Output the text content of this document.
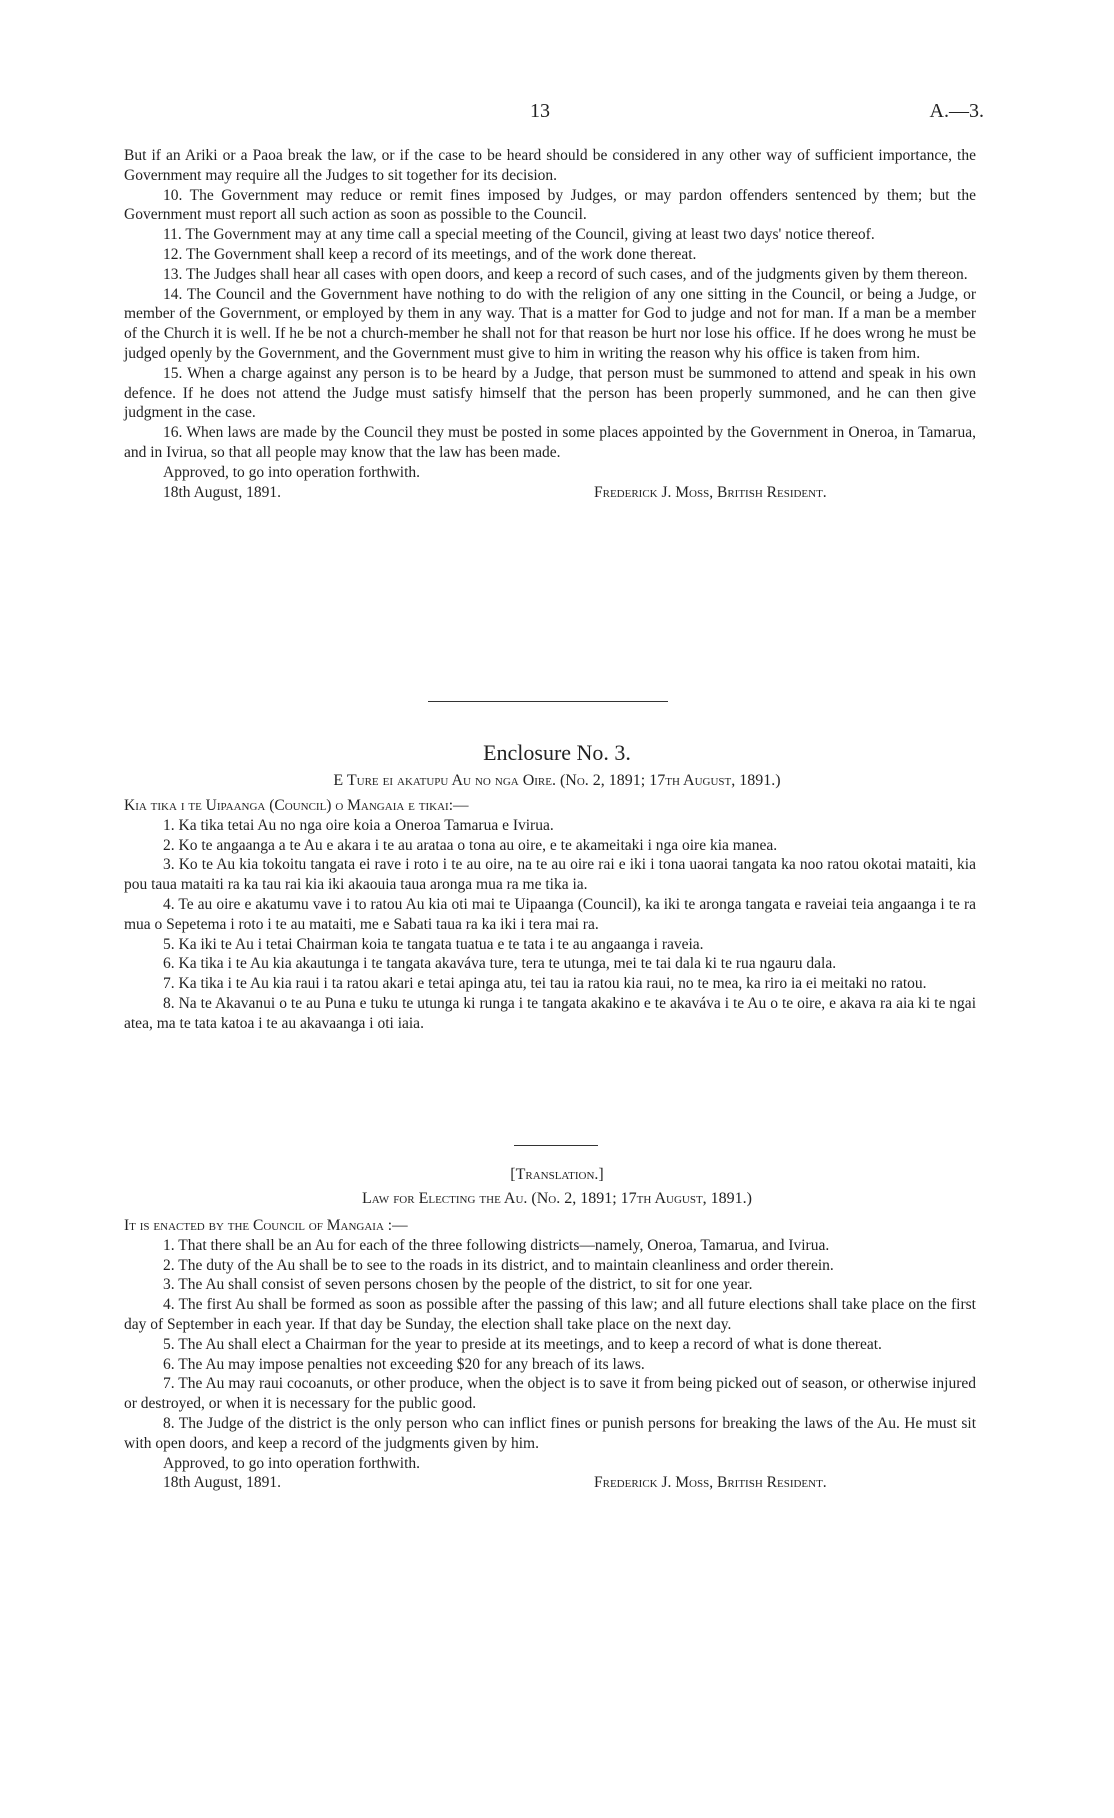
13	A.—3.

But if an Ariki or a Paoa break the law, or if the case to be heard should be considered in any other way of sufficient importance, the Government may require all the Judges to sit together for its decision.

10. The Government may reduce or remit fines imposed by Judges, or may pardon offenders sentenced by them; but the Government must report all such action as soon as possible to the Council.

11. The Government may at any time call a special meeting of the Council, giving at least two days' notice thereof.

12. The Government shall keep a record of its meetings, and of the work done thereat.

13. The Judges shall hear all cases with open doors, and keep a record of such cases, and of the judgments given by them thereon.

14. The Council and the Government have nothing to do with the religion of any one sitting in the Council, or being a Judge, or member of the Government, or employed by them in any way. That is a matter for God to judge and not for man. If a man be a member of the Church it is well. If he be not a church-member he shall not for that reason be hurt nor lose his office. If he does wrong he must be judged openly by the Government, and the Government must give to him in writing the reason why his office is taken from him.

15. When a charge against any person is to be heard by a Judge, that person must be summoned to attend and speak in his own defence. If he does not attend the Judge must satisfy himself that the person has been properly summoned, and he can then give judgment in the case.

16. When laws are made by the Council they must be posted in some places appointed by the Government in Oneroa, in Tamarua, and in Ivirua, so that all people may know that the law has been made.

Approved, to go into operation forthwith.

18th August, 1891.	Frederick J. Moss, British Resident.
Enclosure No. 3.
E Ture ei akatupu Au no nga Oire. (No. 2, 1891; 17th August, 1891.)

Kia tika i te Uipaanga (Council) o Mangaia e tikai:—

1. Ka tika tetai Au no nga oire koia a Oneroa Tamarua e Ivirua.

2. Ko te angaanga a te Au e akara i te au arataa o tona au oire, e te akameitaki i nga oire kia manea.

3. Ko te Au kia tokoitu tangata ei rave i roto i te au oire, na te au oire rai e iki i tona uaorai tangata ka noo ratou okotai mataiti, kia pou taua mataiti ra ka tau rai kia iki akaouia taua aronga mua ra me tika ia.

4. Te au oire e akatumu vave i to ratou Au kia oti mai te Uipaanga (Council), ka iki te aronga tangata e raveiai teia angaanga i te ra mua o Sepetema i roto i te au mataiti, me e Sabati taua ra ka iki i tera mai ra.

5. Ka iki te Au i tetai Chairman koia te tangata tuatua e te tata i te au angaanga i raveia.

6. Ka tika i te Au kia akautunga i te tangata akaváva ture, tera te utunga, mei te tai dala ki te rua ngauru dala.

7. Ka tika i te Au kia raui i ta ratou akari e tetai apinga atu, tei tau ia ratou kia raui, no te mea, ka riro ia ei meitaki no ratou.

8. Na te Akavanui o te au Puna e tuku te utunga ki runga i te tangata akakino e te akaváva i te Au o te oire, e akava ra aia ki te ngai atea, ma te tata katoa i te au akavaanga i oti iaia.

[Translation.]
Law for Electing the Au. (No. 2, 1891; 17th August, 1891.)

It is enacted by the Council of Mangaia :—

1. That there shall be an Au for each of the three following districts—namely, Oneroa, Tamarua, and Ivirua.

2. The duty of the Au shall be to see to the roads in its district, and to maintain cleanliness and order therein.

3. The Au shall consist of seven persons chosen by the people of the district, to sit for one year.

4. The first Au shall be formed as soon as possible after the passing of this law; and all future elections shall take place on the first day of September in each year. If that day be Sunday, the election shall take place on the next day.

5. The Au shall elect a Chairman for the year to preside at its meetings, and to keep a record of what is done thereat.

6. The Au may impose penalties not exceeding $20 for any breach of its laws.

7. The Au may raui cocoanuts, or other produce, when the object is to save it from being picked out of season, or otherwise injured or destroyed, or when it is necessary for the public good.

8. The Judge of the district is the only person who can inflict fines or punish persons for breaking the laws of the Au. He must sit with open doors, and keep a record of the judgments given by him.

Approved, to go into operation forthwith.

18th August, 1891.	Frederick J. Moss, British Resident.
